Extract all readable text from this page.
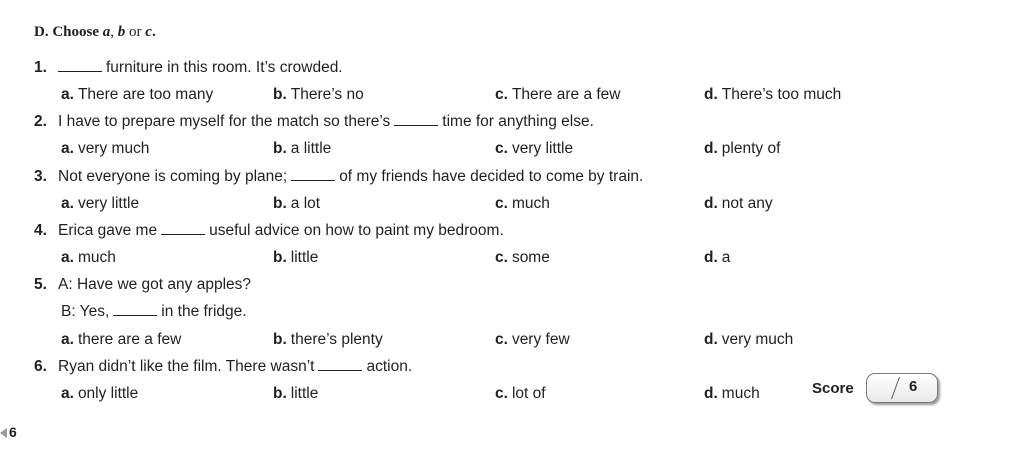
D. Choose a, b or c.
1.	furniture in this room. It’s crowded.
a. There are too many	b. There’s no	c. There are a few	d. There’s too much
2. I have to prepare myself for the match so there’s	time for anything else.
a. very much	b. a little	c. very little	d. plenty of
3. Not everyone is coming by plane;	of my friends have decided to come by train.
a. very little	b. a lot	c. much	d. not any
4. Erica gave me	useful advice on how to paint my bedroom.
a. much	b. little	c. some	d. a
5. A: Have we got any apples?
B: Yes,	in the fridge.
a. there are a few	b. there’s plenty	c. very few	d. very much
6. Ryan didn’t like the film. There wasn’t	action.
a. only little	b. little	c. lot of	d. much	Score	6
6
